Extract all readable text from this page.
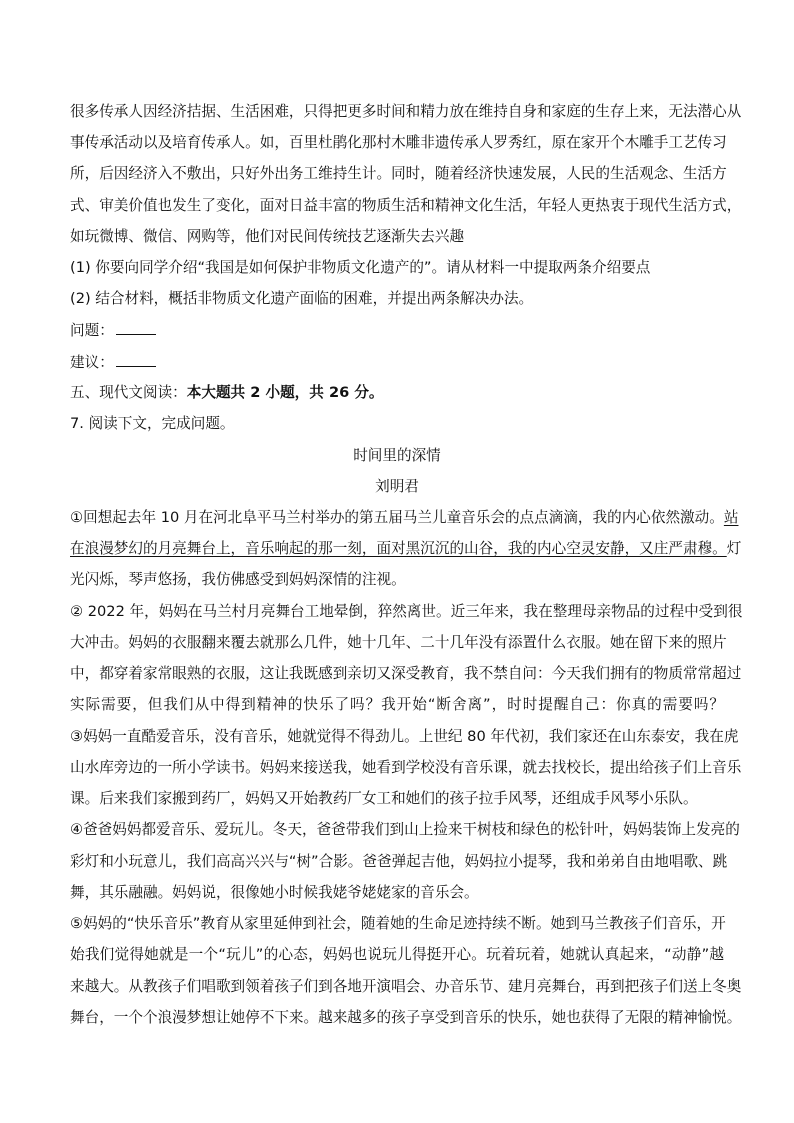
很多传承人因经济拮据、生活困难，只得把更多时间和精力放在维持自身和家庭的生存上来，无法潜心从
事传承活动以及培育传承人。如，百里杜鹃化那村木雕非遗传承人罗秀红，原在家开个木雕手工艺传习
所，后因经济入不敷出，只好外出务工维持生计。同时，随着经济快速发展，人民的生活观念、生活方
式、审美价值也发生了变化，面对日益丰富的物质生活和精神文化生活，年轻人更热衷于现代生活方式，
如玩微博、微信、网购等，他们对民间传统技艺逐渐失去兴趣
(1) 你要向同学介绍“我国是如何保护非物质文化遗产的”。请从材料一中提取两条介绍要点
(2) 结合材料，概括非物质文化遗产面临的困难，并提出两条解决办法。
问题：
建议：
五、现代文阅读：本大题共 2 小题，共 26 分。
7. 阅读下文，完成问题。
时间里的深情
刘明君
①回想起去年 10 月在河北阜平马兰村举办的第五届马兰儿童音乐会的点点滴滴，我的内心依然激动。站
在浪漫梦幻的月亮舞台上，音乐响起的那一刻，面对黑沉沉的山谷，我的内心空灵安静，又庄严肃穆。灯
光闪烁，琴声悠扬，我仿佛感受到妈妈深情的注视。
② 2022 年，妈妈在马兰村月亮舞台工地晕倒，猝然离世。近三年来，我在整理母亲物品的过程中受到很
大冲击。妈妈的衣服翻来覆去就那么几件，她十几年、二十几年没有添置什么衣服。她在留下来的照片
中，都穿着家常眼熟的衣服，这让我既感到亲切又深受教育，我不禁自问：今天我们拥有的物质常常超过
实际需要，但我们从中得到精神的快乐了吗？我开始“断舍离”，时时提醒自己：你真的需要吗？
③妈妈一直酷爱音乐，没有音乐，她就觉得不得劲儿。上世纪 80 年代初，我们家还在山东泰安，我在虎
山水库旁边的一所小学读书。妈妈来接送我，她看到学校没有音乐课，就去找校长，提出给孩子们上音乐
课。后来我们家搬到药厂，妈妈又开始教药厂女工和她们的孩子拉手风琴，还组成手风琴小乐队。
④爸爸妈妈都爱音乐、爱玩儿。冬天，爸爸带我们到山上捡来干树枝和绿色的松针叶，妈妈装饰上发亮的
彩灯和小玩意儿，我们高高兴兴与“树”合影。爸爸弹起吉他，妈妈拉小提琴，我和弟弟自由地唱歌、跳
舞，其乐融融。妈妈说，很像她小时候我姥爷姥姥家的音乐会。
⑤妈妈的“快乐音乐”教育从家里延伸到社会，随着她的生命足迹持续不断。她到马兰教孩子们音乐，开
始我们觉得她就是一个“玩儿”的心态，妈妈也说玩儿得挺开心。玩着玩着，她就认真起来，“动静”越
来越大。从教孩子们唱歌到领着孩子们到各地开演唱会、办音乐节、建月亮舞台，再到把孩子们送上冬奥
舞台，一个个浪漫梦想让她停不下来。越来越多的孩子享受到音乐的快乐，她也获得了无限的精神愉悦。
